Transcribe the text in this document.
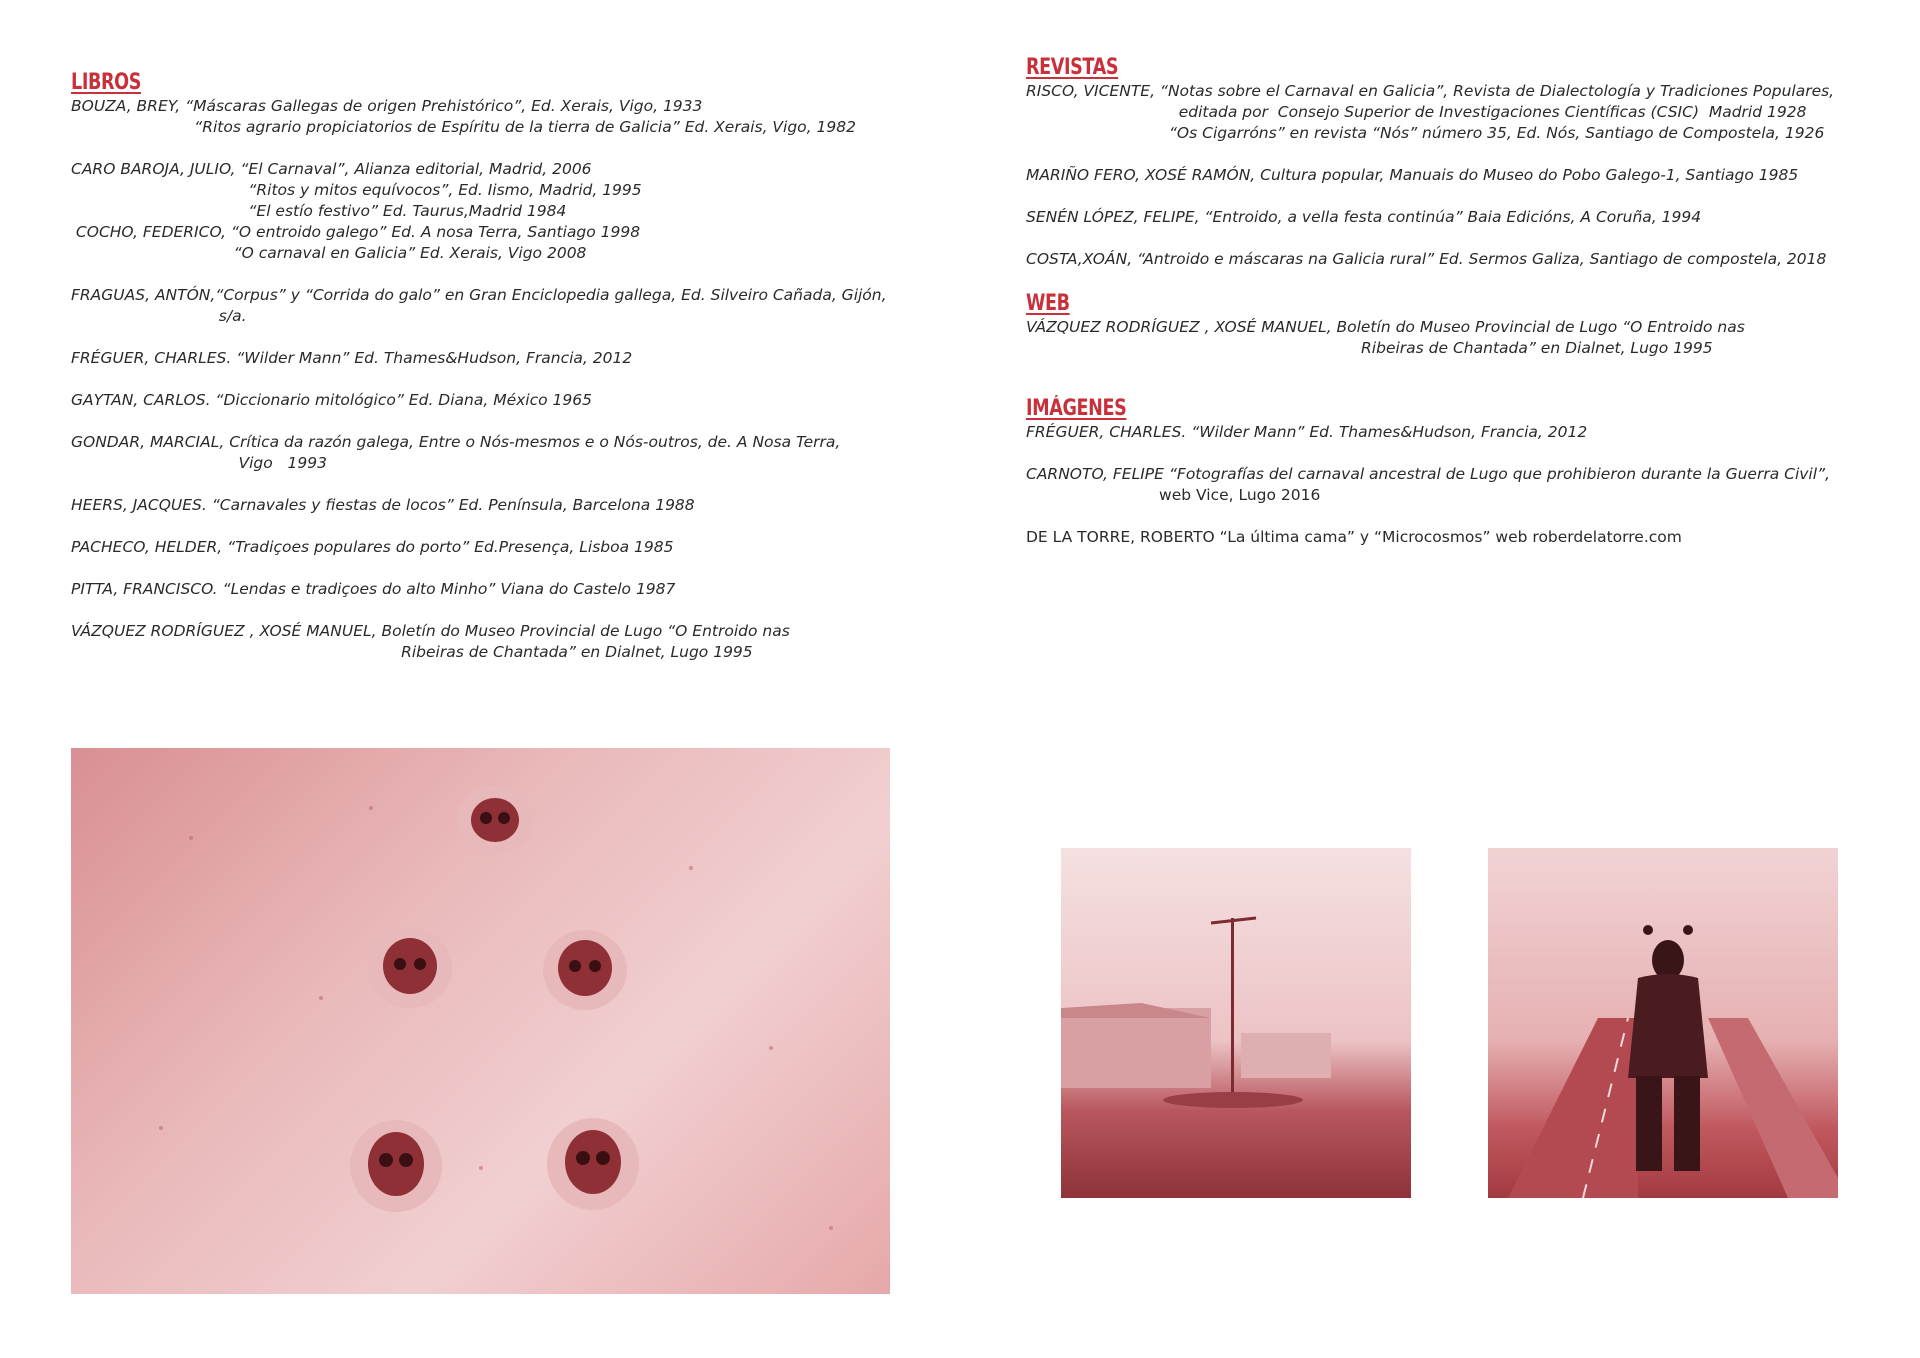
LIBROS
BOUZA, BREY, “Máscaras Gallegas de origen Prehistórico”, Ed. Xerais, Vigo, 1933
“Ritos agrario propiciatorios de Espíritu de la tierra de Galicia” Ed. Xerais, Vigo, 1982
CARO BAROJA, JULIO, “El Carnaval”, Alianza editorial, Madrid, 2006
“Ritos y mitos equívocos”, Ed. Iismo, Madrid, 1995
“El estío festivo” Ed. Taurus,Madrid 1984
COCHO, FEDERICO, “O entroido galego” Ed. A nosa Terra, Santiago 1998
“O carnaval en Galicia” Ed. Xerais, Vigo 2008
FRAGUAS, ANTÓN,“Corpus” y “Corrida do galo” en Gran Enciclopedia gallega, Ed. Silveiro Cañada, Gijón,
s/a.
FRÉGUER, CHARLES. “Wilder Mann” Ed. Thames&Hudson, Francia, 2012
GAYTAN, CARLOS. “Diccionario mitológico” Ed. Diana, México 1965
GONDAR, MARCIAL, Crítica da razón galega, Entre o Nós-mesmos e o Nós-outros, de. A Nosa Terra,
Vigo   1993
HEERS, JACQUES. “Carnavales y fiestas de locos” Ed. Península, Barcelona 1988
PACHECO, HELDER, “Tradiçoes populares do porto” Ed.Presença, Lisboa 1985
PITTA, FRANCISCO. “Lendas e tradiçoes do alto Minho” Viana do Castelo 1987
VÁZQUEZ RODRÍGUEZ , XOSÉ MANUEL, Boletín do Museo Provincial de Lugo “O Entroido nas
Ribeiras de Chantada” en Dialnet, Lugo 1995
REVISTAS
RISCO, VICENTE, “Notas sobre el Carnaval en Galicia”, Revista de Dialectología y Tradiciones Populares,
editada por  Consejo Superior de Investigaciones Científicas (CSIC)  Madrid 1928
“Os Cigarróns” en revista “Nós” número 35, Ed. Nós, Santiago de Compostela, 1926
MARIÑO FERO, XOSÉ RAMÓN, Cultura popular, Manuais do Museo do Pobo Galego-1, Santiago 1985
SENÉN LÓPEZ, FELIPE, “Entroido, a vella festa continúa” Baia Edicións, A Coruña, 1994
COSTA,XOÁN, “Antroido e máscaras na Galicia rural” Ed. Sermos Galiza, Santiago de compostela, 2018
WEB
VÁZQUEZ RODRÍGUEZ , XOSÉ MANUEL, Boletín do Museo Provincial de Lugo “O Entroido nas
Ribeiras de Chantada” en Dialnet, Lugo 1995
IMÁGENES
FRÉGUER, CHARLES. “Wilder Mann” Ed. Thames&Hudson, Francia, 2012
CARNOTO, FELIPE “Fotografías del carnaval ancestral de Lugo que prohibieron durante la Guerra Civil”,
web Vice, Lugo 2016
DE LA TORRE, ROBERTO “La última cama” y “Microcosmos” web roberdelatorre.com
